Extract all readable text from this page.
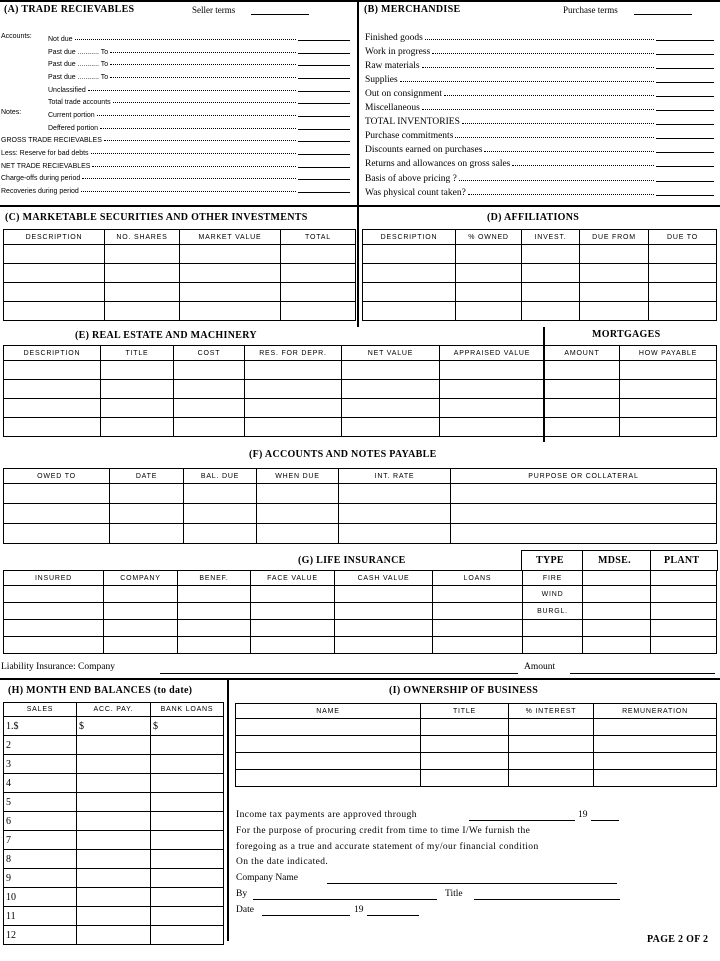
(A) TRADE RECIEVABLES	Seller terms
Accounts: Not due
Past due ........... To
Past due ........... To
Past due ........... To
Unclassified
Total trade accounts
Notes:	Current portion
Deffered portion
GROSS TRADE RECIEVABLES
Less: Reserve for bad debts
NET TRADE RECIEVABLES
Charge-offs during period
Recoveries during period
(B) MERCHANDISE	Purchase terms
Finished goods
Work in progress
Raw materials
Supplies
Out on consignment
Miscellaneous
TOTAL INVENTORIES
Purchase commitments
Discounts earned on purchases
Returns and allowances on gross sales
Basis of above pricing ?
Was physical count taken?
(C) MARKETABLE SECURITIES AND OTHER INVESTMENTS
DESCRIPTION	NO. SHARES	MARKET VALUE	TOTAL

(D) AFFILIATIONS
DESCRIPTION	% OWNED	INVEST.	DUE FROM	DUE TO

(E) REAL ESTATE AND MACHINERY	MORTGAGES
DESCRIPTION	TITLE	COST	RES. FOR DEPR.	NET VALUE	APPRAISED VALUE	AMOUNT	HOW PAYABLE

(F) ACCOUNTS AND NOTES PAYABLE
OWED TO	DATE	BAL. DUE	WHEN DUE	INT. RATE	PURPOSE OR COLLATERAL

(G) LIFE INSURANCE	TYPE	MDSE.	PLANT
INSURED	COMPANY	BENEF.	FACE VALUE	CASH VALUE	LOANS	FIRE		
						WIND		
						BURGL.		

Liability Insurance: Company	Amount
(H) MONTH END BALANCES (to date)
SALES	ACC. PAY.	BANK LOANS
1.$	$	$
2		
3		
4		
5		
6		
7		
8		
9		
10		
11		
12		
(I) OWNERSHIP OF BUSINESS
NAME	TITLE	% INTEREST	REMUNERATION

Income tax payments are approved through	19
For the purpose of procuring credit from time to time I/We furnish the
foregoing as a true and accurate statement of my/our financial condition
On the date indicated.
Company Name
By	Title
Date	19
PAGE 2 OF 2
